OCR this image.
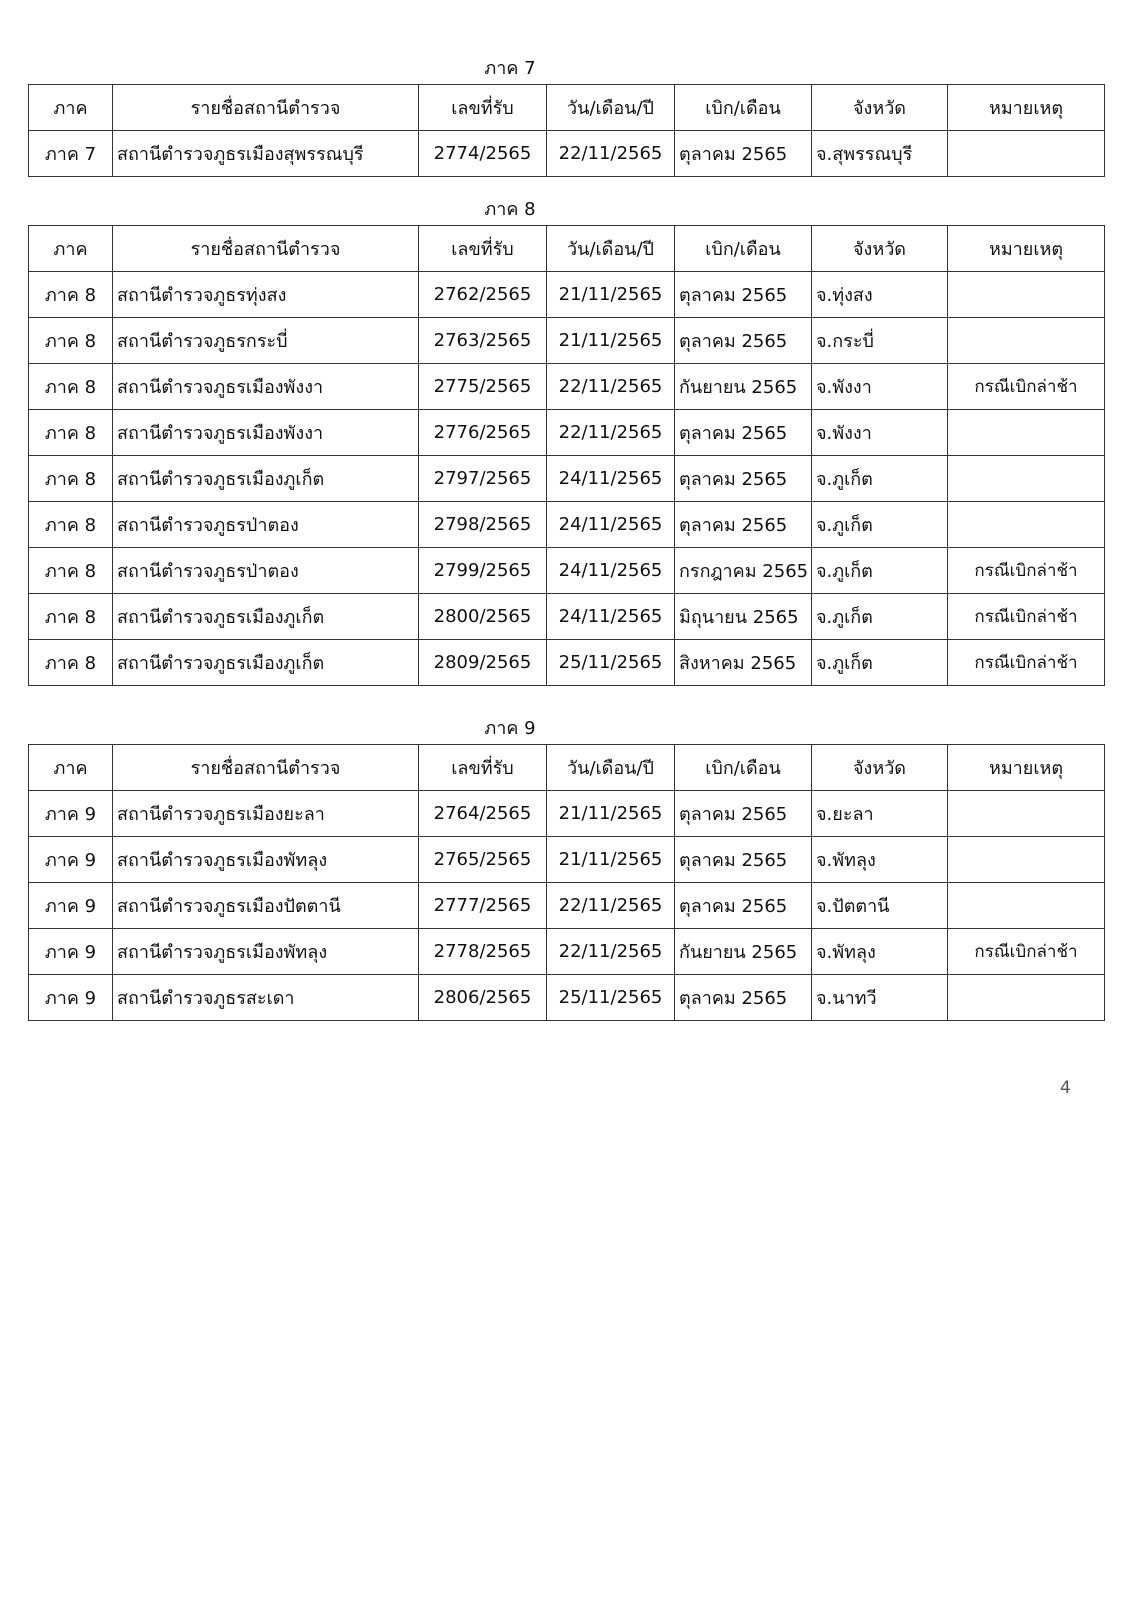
ภาค 7
ภาค 8
ภาค 9
ภาค	รายชื่อสถานีตำรวจ	เลขที่รับ	วัน/เดือน/ปี	เบิก/เดือน	จังหวัด	หมายเหตุ
ภาค 7	สถานีตำรวจภูธรเมืองสุพรรณบุรี	2774/2565	22/11/2565	ตุลาคม 2565	จ.สุพรรณบุรี	
ภาค	รายชื่อสถานีตำรวจ	เลขที่รับ	วัน/เดือน/ปี	เบิก/เดือน	จังหวัด	หมายเหตุ
ภาค 8	สถานีตำรวจภูธรทุ่งสง	2762/2565	21/11/2565	ตุลาคม 2565	จ.ทุ่งสง	
ภาค 8	สถานีตำรวจภูธรกระบี่	2763/2565	21/11/2565	ตุลาคม 2565	จ.กระบี่	
ภาค 8	สถานีตำรวจภูธรเมืองพังงา	2775/2565	22/11/2565	กันยายน 2565	จ.พังงา	กรณีเบิกล่าช้า
ภาค 8	สถานีตำรวจภูธรเมืองพังงา	2776/2565	22/11/2565	ตุลาคม 2565	จ.พังงา	
ภาค 8	สถานีตำรวจภูธรเมืองภูเก็ต	2797/2565	24/11/2565	ตุลาคม 2565	จ.ภูเก็ต	
ภาค 8	สถานีตำรวจภูธรป่าตอง	2798/2565	24/11/2565	ตุลาคม 2565	จ.ภูเก็ต	
ภาค 8	สถานีตำรวจภูธรป่าตอง	2799/2565	24/11/2565	กรกฎาคม 2565	จ.ภูเก็ต	กรณีเบิกล่าช้า
ภาค 8	สถานีตำรวจภูธรเมืองภูเก็ต	2800/2565	24/11/2565	มิถุนายน 2565	จ.ภูเก็ต	กรณีเบิกล่าช้า
ภาค 8	สถานีตำรวจภูธรเมืองภูเก็ต	2809/2565	25/11/2565	สิงหาคม 2565	จ.ภูเก็ต	กรณีเบิกล่าช้า
ภาค	รายชื่อสถานีตำรวจ	เลขที่รับ	วัน/เดือน/ปี	เบิก/เดือน	จังหวัด	หมายเหตุ
ภาค 9	สถานีตำรวจภูธรเมืองยะลา	2764/2565	21/11/2565	ตุลาคม 2565	จ.ยะลา	
ภาค 9	สถานีตำรวจภูธรเมืองพัทลุง	2765/2565	21/11/2565	ตุลาคม 2565	จ.พัทลุง	
ภาค 9	สถานีตำรวจภูธรเมืองปัตตานี	2777/2565	22/11/2565	ตุลาคม 2565	จ.ปัตตานี	
ภาค 9	สถานีตำรวจภูธรเมืองพัทลุง	2778/2565	22/11/2565	กันยายน 2565	จ.พัทลุง	กรณีเบิกล่าช้า
ภาค 9	สถานีตำรวจภูธรสะเดา	2806/2565	25/11/2565	ตุลาคม 2565	จ.นาทวี	
4
